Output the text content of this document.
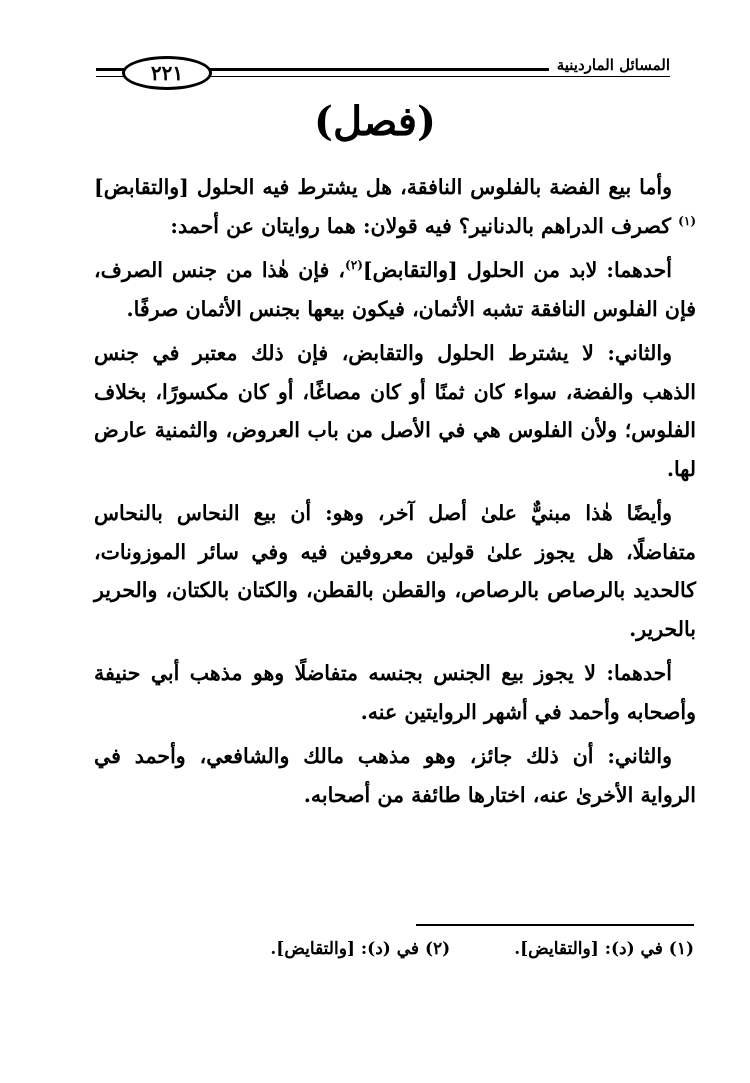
المسائل الماردينية
٢٢١
(فصل)

وأما بيع الفضة بالفلوس النافقة، هل يشترط فيه الحلول [والتقابض]$^{(١)}$ كصرف الدراهم بالدنانير؟ فيه قولان: هما روايتان عن أحمد:

أحدهما: لابد من الحلول [والتقابض]$^{(٢)}$، فإن هٰذا من جنس الصرف، فإن الفلوس النافقة تشبه الأثمان، فيكون بيعها بجنس الأثمان صرفًا.

والثاني: لا يشترط الحلول والتقابض، فإن ذلك معتبر في جنس الذهب والفضة، سواء كان ثمنًا أو كان مصاغًا، أو كان مكسورًا، بخلاف الفلوس؛ ولأن الفلوس هي في الأصل من باب العروض، والثمنية عارض لها.

وأيضًا هٰذا مبنيٌّ علىٰ أصل آخر، وهو: أن بيع النحاس بالنحاس متفاضلًا، هل يجوز علىٰ قولين معروفين فيه وفي سائر الموزونات، كالحديد بالرصاص بالرصاص، والقطن بالقطن، والكتان بالكتان، والحرير بالحرير.

أحدهما: لا يجوز بيع الجنس بجنسه متفاضلًا وهو مذهب أبي حنيفة وأصحابه وأحمد في أشهر الروايتين عنه.

والثاني: أن ذلك جائز، وهو مذهب مالك والشافعي، وأحمد في الرواية الأخرىٰ عنه، اختارها طائفة من أصحابه.

(١) في (د): [والتقايض].(٢) في (د): [والتقايض].
